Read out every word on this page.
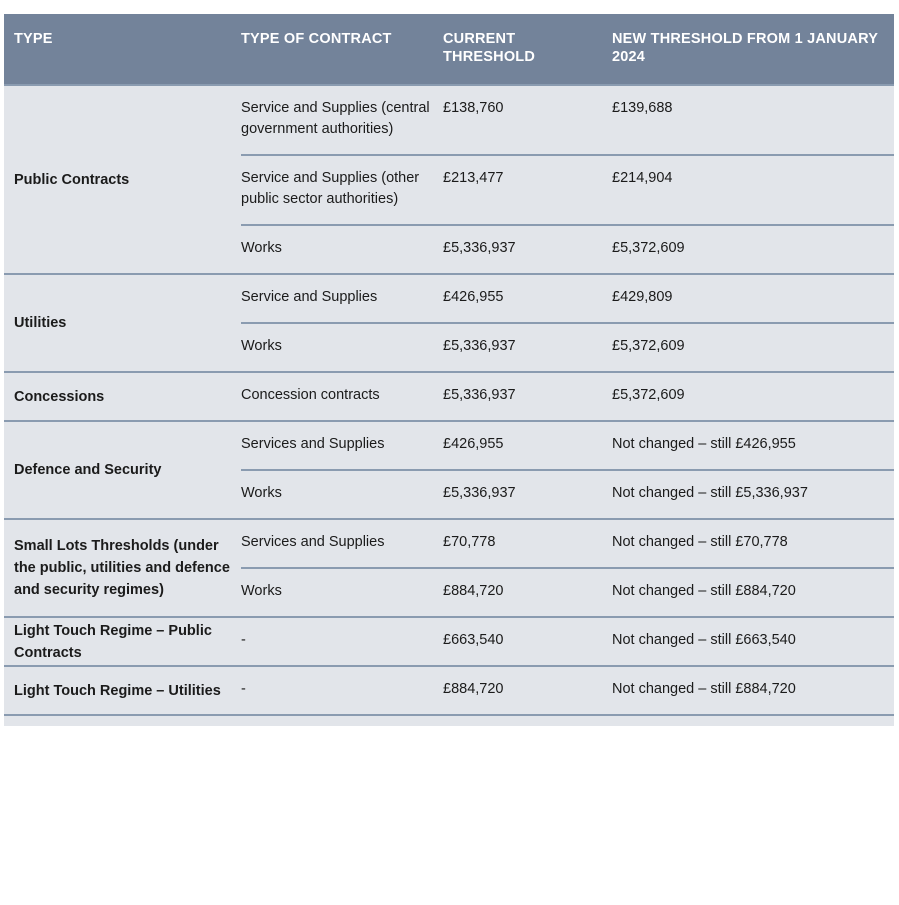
TYPE	TYPE OF CONTRACT	CURRENT THRESHOLD	NEW THRESHOLD FROM 1 JANUARY 2024
Public Contracts	Service and Supplies (central government authorities)	£138,760	£139,688
	Service and Supplies (other public sector authorities)	£213,477	£214,904
	Works	£5,336,937	£5,372,609
Utilities	Service and Supplies	£426,955	£429,809
	Works	£5,336,937	£5,372,609
Concessions	Concession contracts	£5,336,937	£5,372,609
Defence and Security	Services and Supplies	£426,955	Not changed – still £426,955
	Works	£5,336,937	Not changed – still £5,336,937
Small Lots Thresholds (under the public, utilities and defence and security regimes)	Services and Supplies	£70,778	Not changed – still £70,778
	Works	£884,720	Not changed – still £884,720
Light Touch Regime – Public Contracts	-	£663,540	Not changed – still £663,540
Light Touch Regime – Utilities	-	£884,720	Not changed – still £884,720
